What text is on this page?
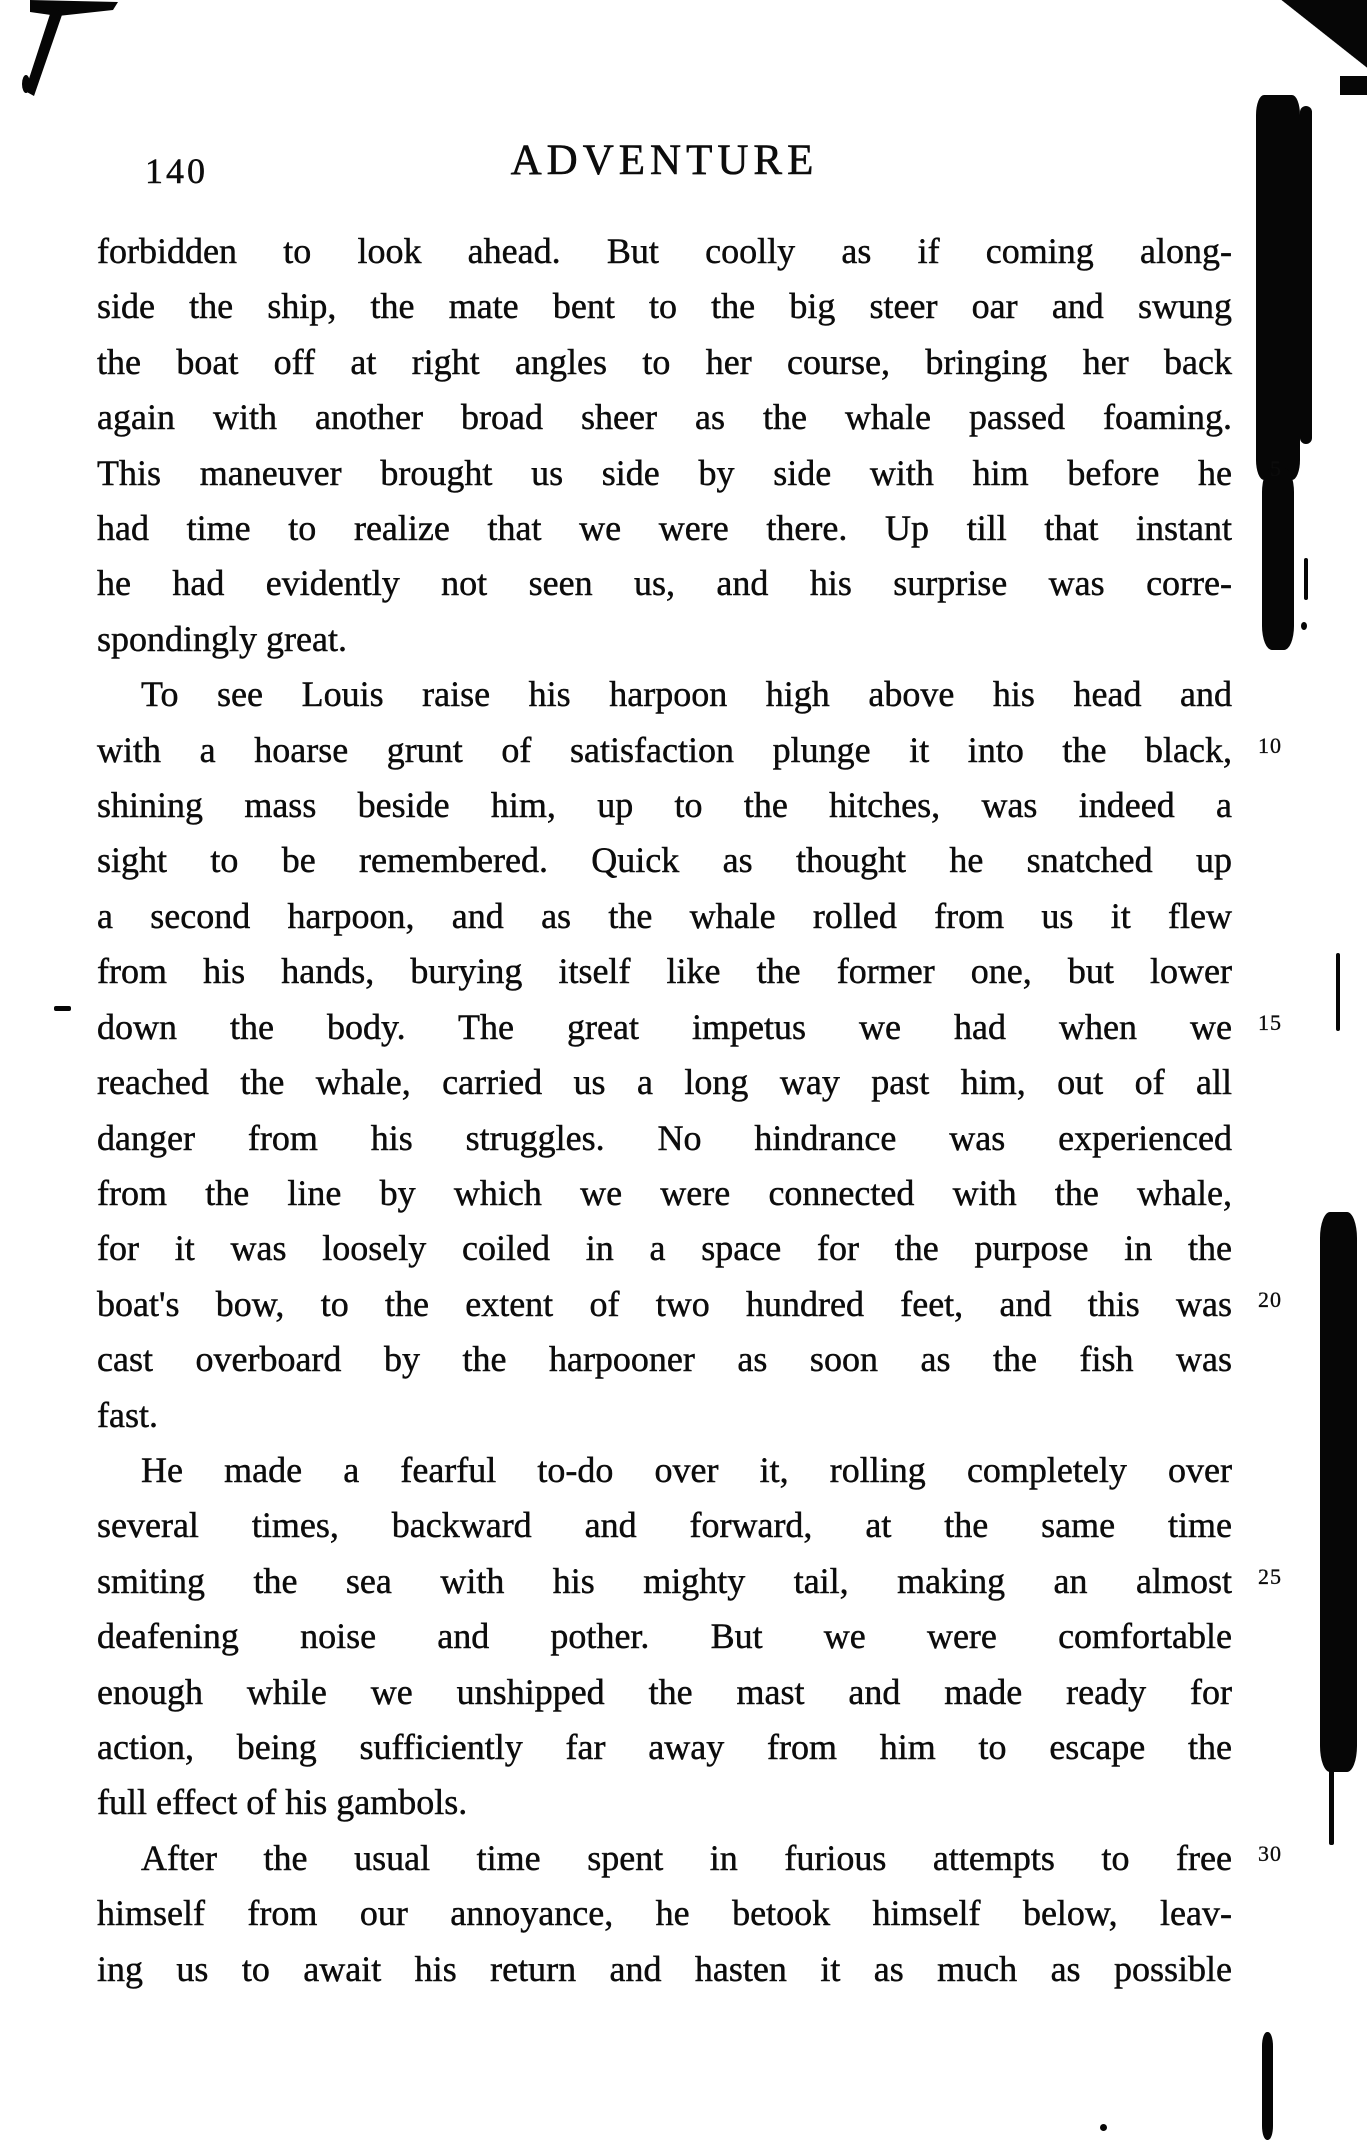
140	ADVENTURE
forbidden to look ahead. But coolly as if coming along-
side the ship, the mate bent to the big steer oar and swung
the boat off at right angles to her course, bringing her back
again with another broad sheer as the whale passed foaming.
This maneuver brought us side by side with him before he 5
had time to realize that we were there. Up till that instant
he had evidently not seen us, and his surprise was corre-
spondingly great.
To see Louis raise his harpoon high above his head and
with a hoarse grunt of satisfaction plunge it into the black, 10
shining mass beside him, up to the hitches, was indeed a
sight to be remembered. Quick as thought he snatched up
a second harpoon, and as the whale rolled from us it flew
from his hands, burying itself like the former one, but lower
down the body. The great impetus we had when we 15
reached the whale, carried us a long way past him, out of all
danger from his struggles. No hindrance was experienced
from the line by which we were connected with the whale,
for it was loosely coiled in a space for the purpose in the
boat's bow, to the extent of two hundred feet, and this was 20
cast overboard by the harpooner as soon as the fish was
fast.
He made a fearful to-do over it, rolling completely over
several times, backward and forward, at the same time
smiting the sea with his mighty tail, making an almost 25
deafening noise and pother. But we were comfortable
enough while we unshipped the mast and made ready for
action, being sufficiently far away from him to escape the
full effect of his gambols.
After the usual time spent in furious attempts to free	30
himself from our annoyance, he betook himself below, leav-
ing us to await his return and hasten it as much as possible
